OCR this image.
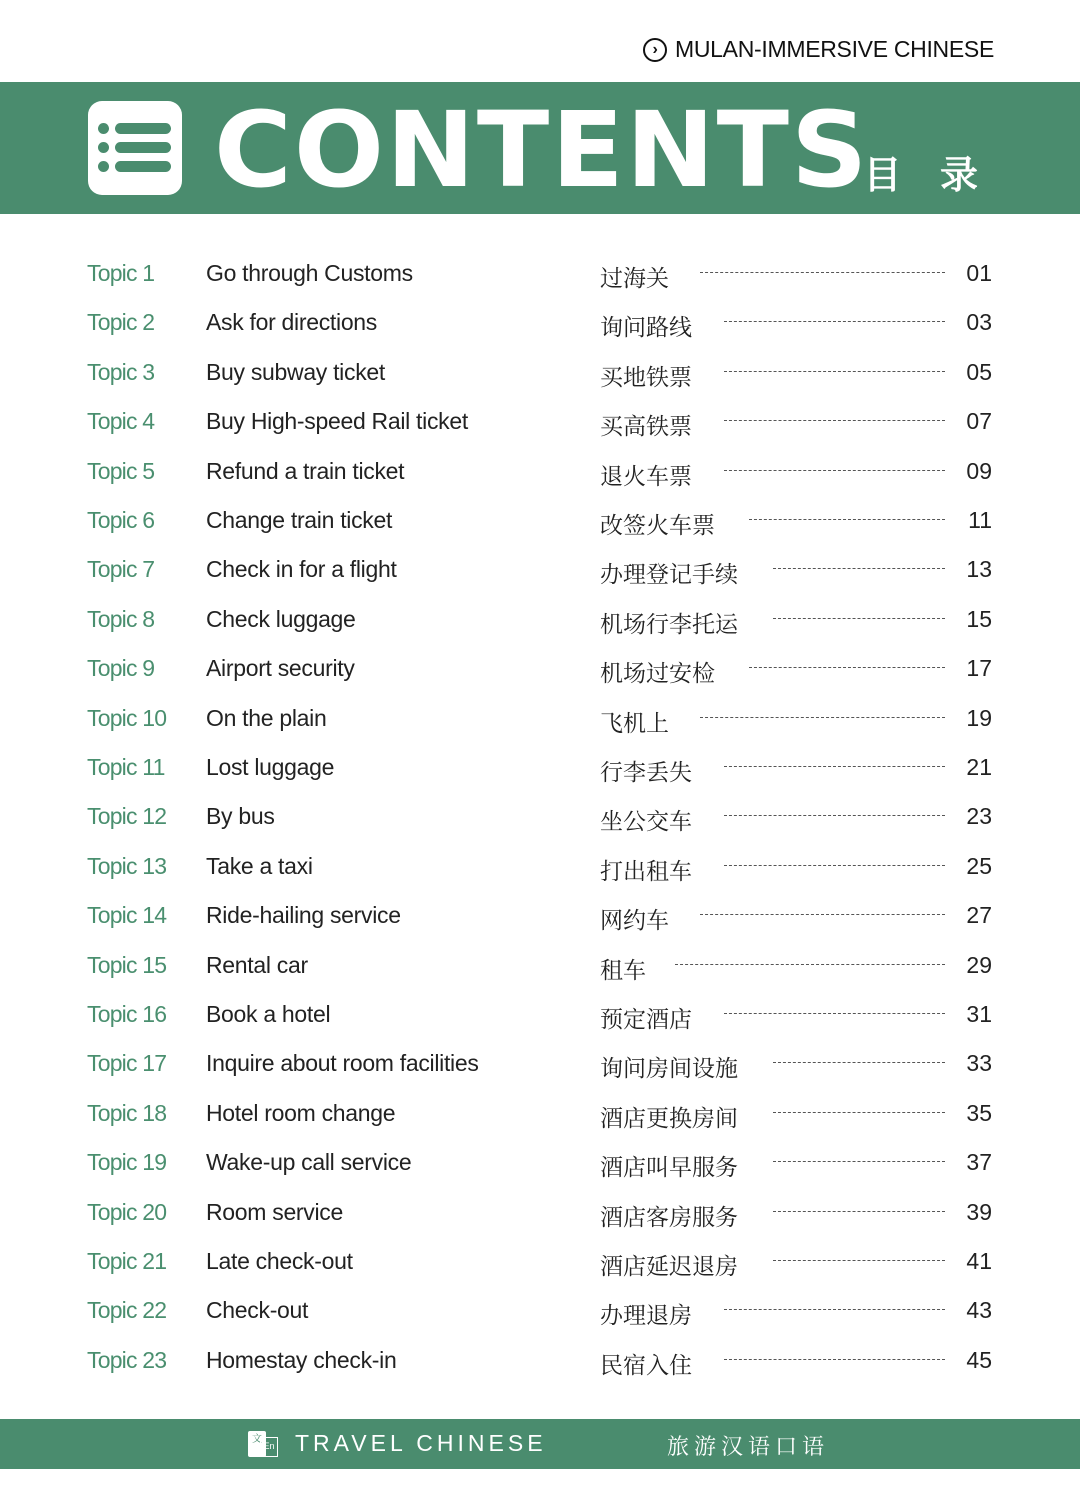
› MULAN-IMMERSIVE CHINESE
CONTENTS
目 录
Topic 1 Go through Customs	过海关	01
Topic 2 Ask for directions	询问路线	03
Topic 3 Buy subway ticket	买地铁票	05
Topic 4 Buy High-speed Rail ticket	买高铁票	07
Topic 5 Refund a train ticket	退火车票	09
Topic 6 Change train ticket	改签火车票	11
Topic 7 Check in for a flight	办理登记手续	13
Topic 8 Check luggage	机场行李托运	15
Topic 9 Airport security	机场过安检	17
Topic 10 On the plain	飞机上	19
Topic 11 Lost luggage	行李丢失	21
Topic 12 By bus	坐公交车	23
Topic 13 Take a taxi	打出租车	25
Topic 14 Ride-hailing service	网约车	27
Topic 15 Rental car	租车	29
Topic 16 Book a hotel	预定酒店	31
Topic 17 Inquire about room facilities	询问房间设施	33
Topic 18 Hotel room change	酒店更换房间	35
Topic 19 Wake-up call service	酒店叫早服务	37
Topic 20 Room service	酒店客房服务	39
Topic 21 Late check-out	酒店延迟退房	41
Topic 22 Check-out	办理退房	43
Topic 23 Homestay check-in	民宿入住	45
文
En TRAVEL CHINESE	旅游汉语口语
